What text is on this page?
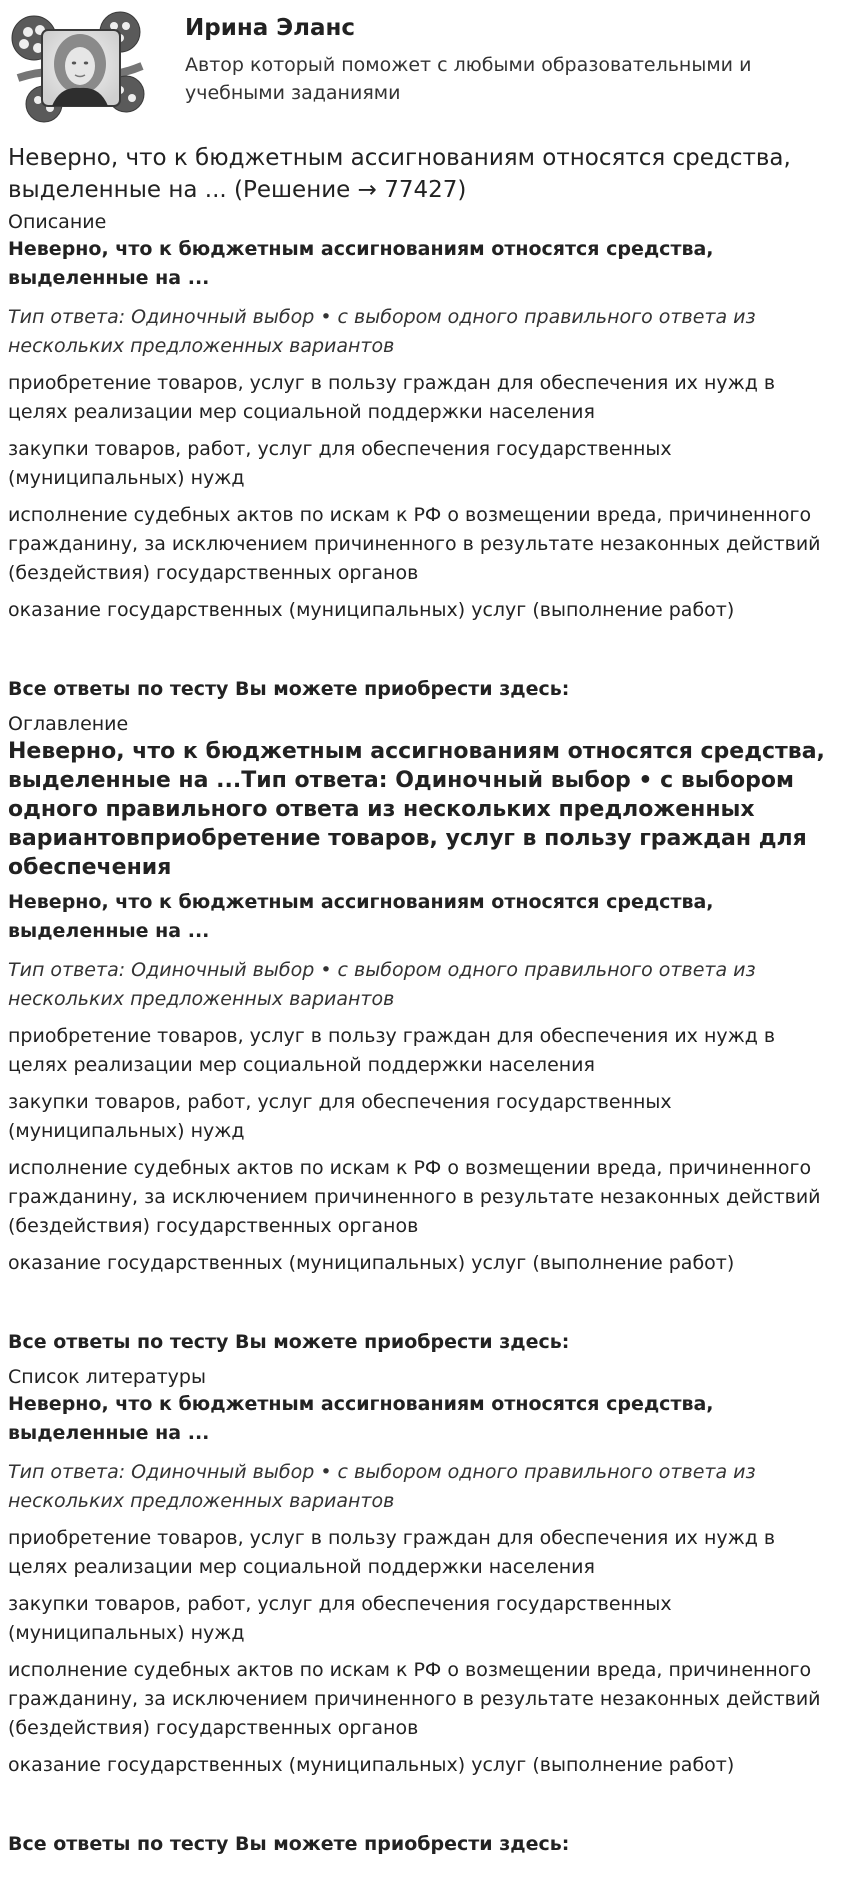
Ирина Эланс
Автор который поможет с любыми образовательными и учебными заданиями
Неверно, что к бюджетным ассигнованиям относятся средства, выделенные на ... (Решение → 77427)
Описание
Неверно, что к бюджетным ассигнованиям относятся средства, выделенные на ...
Тип ответа: Одиночный выбор • с выбором одного правильного ответа из нескольких предложенных вариантов
приобретение товаров, услуг в пользу граждан для обеспечения их нужд в целях реализации мер социальной поддержки населения
закупки товаров, работ, услуг для обеспечения государственных (муниципальных) нужд
исполнение судебных актов по искам к РФ о возмещении вреда, причиненного гражданину, за исключением причиненного в результате незаконных действий (бездействия) государственных органов
оказание государственных (муниципальных) услуг (выполнение работ)
Все ответы по тесту Вы можете приобрести здесь:
Оглавление
Неверно, что к бюджетным ассигнованиям относятся средства, выделенные на ...Тип ответа: Одиночный выбор • с выбором одного правильного ответа из нескольких предложенных вариантовприобретение товаров, услуг в пользу граждан для обеспечения
Неверно, что к бюджетным ассигнованиям относятся средства, выделенные на ...
Тип ответа: Одиночный выбор • с выбором одного правильного ответа из нескольких предложенных вариантов
приобретение товаров, услуг в пользу граждан для обеспечения их нужд в целях реализации мер социальной поддержки населения
закупки товаров, работ, услуг для обеспечения государственных (муниципальных) нужд
исполнение судебных актов по искам к РФ о возмещении вреда, причиненного гражданину, за исключением причиненного в результате незаконных действий (бездействия) государственных органов
оказание государственных (муниципальных) услуг (выполнение работ)
Все ответы по тесту Вы можете приобрести здесь:
Список литературы
Неверно, что к бюджетным ассигнованиям относятся средства, выделенные на ...
Тип ответа: Одиночный выбор • с выбором одного правильного ответа из нескольких предложенных вариантов
приобретение товаров, услуг в пользу граждан для обеспечения их нужд в целях реализации мер социальной поддержки населения
закупки товаров, работ, услуг для обеспечения государственных (муниципальных) нужд
исполнение судебных актов по искам к РФ о возмещении вреда, причиненного гражданину, за исключением причиненного в результате незаконных действий (бездействия) государственных органов
оказание государственных (муниципальных) услуг (выполнение работ)
Все ответы по тесту Вы можете приобрести здесь:
